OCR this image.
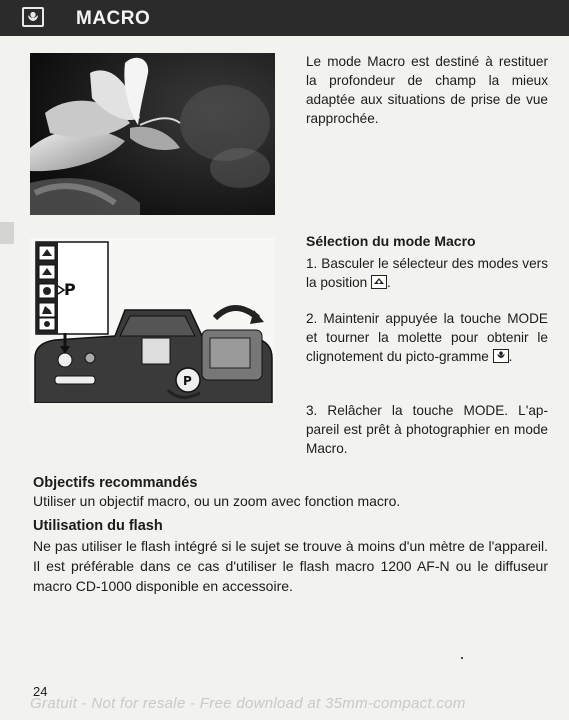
MACRO
Le mode Macro est destiné à restituer la profondeur de champ la mieux adaptée aux situations de prise de vue rapprochée.
Sélection du mode Macro
1. Basculer le sélecteur des modes vers la position .
2. Maintenir appuyée la touche MODE et tourner la molette pour obtenir le clignotement du picto-gramme .
3. Relâcher la touche MODE. L'ap-pareil est prêt à photographier en mode Macro.
P
P
Objectifs recommandés
Utiliser un objectif macro, ou un zoom avec fonction macro.
Utilisation du flash
Ne pas utiliser le flash intégré si le sujet se trouve à moins d'un mètre de l'appareil. Il est préférable dans ce cas d'utiliser le flash macro 1200 AF-N ou le diffuseur macro CD-1000 disponible en accessoire.
24
Gratuit - Not for resale - Free download at 35mm-compact.com
